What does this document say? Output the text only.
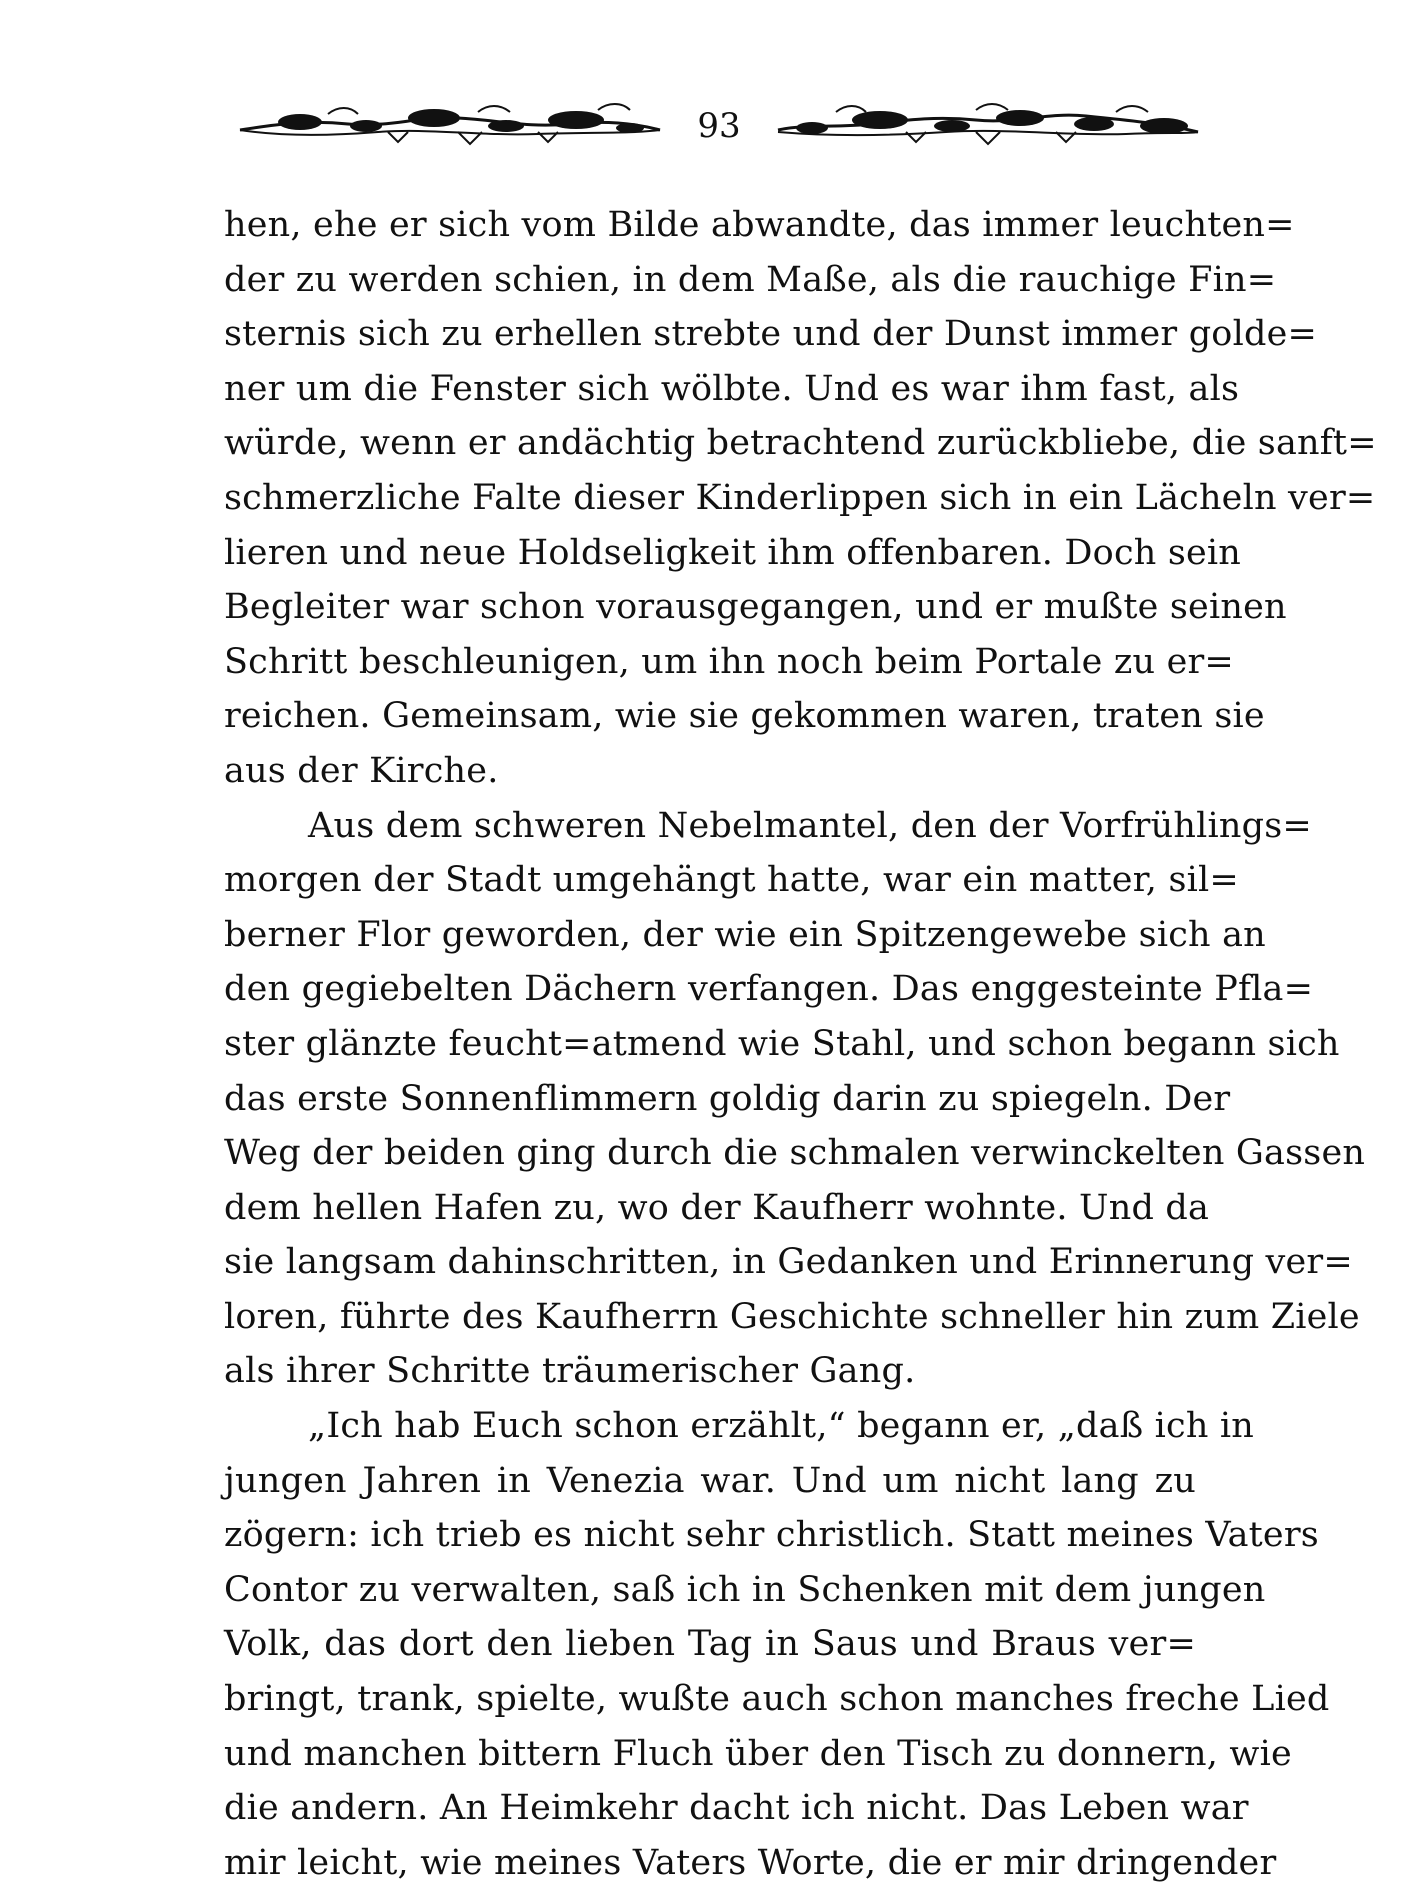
93
hen, ehe er sich vom Bilde abwandte, das immer leuchten=
der zu werden schien, in dem Maße, als die rauchige Fin=
sternis sich zu erhellen strebte und der Dunst immer golde=
ner um die Fenster sich wölbte. Und es war ihm fast, als
würde, wenn er andächtig betrachtend zurückbliebe, die sanft=
schmerzliche Falte dieser Kinderlippen sich in ein Lächeln ver=
lieren und neue Holdseligkeit ihm offenbaren. Doch sein
Begleiter war schon vorausgegangen, und er mußte seinen
Schritt beschleunigen, um ihn noch beim Portale zu er=
reichen. Gemeinsam, wie sie gekommen waren, traten sie
aus der Kirche.
Aus dem schweren Nebelmantel, den der Vorfrühlings=
morgen der Stadt umgehängt hatte, war ein matter, sil=
berner Flor geworden, der wie ein Spitzengewebe sich an
den gegiebelten Dächern verfangen. Das enggesteinte Pfla=
ster glänzte feucht=atmend wie Stahl, und schon begann sich
das erste Sonnenflimmern goldig darin zu spiegeln. Der
Weg der beiden ging durch die schmalen verwinckelten Gassen
dem hellen Hafen zu, wo der Kaufherr wohnte. Und da
sie langsam dahinschritten, in Gedanken und Erinnerung ver=
loren, führte des Kaufherrn Geschichte schneller hin zum Ziele
als ihrer Schritte träumerischer Gang.
„Ich hab Euch schon erzählt,“ begann er, „daß ich in
jungen Jahren in Venezia war. Und um nicht lang zu
zögern: ich trieb es nicht sehr christlich. Statt meines Vaters
Contor zu verwalten, saß ich in Schenken mit dem jungen
Volk, das dort den lieben Tag in Saus und Braus ver=
bringt, trank, spielte, wußte auch schon manches freche Lied
und manchen bittern Fluch über den Tisch zu donnern, wie
die andern. An Heimkehr dacht ich nicht. Das Leben war
mir leicht, wie meines Vaters Worte, die er mir dringender
